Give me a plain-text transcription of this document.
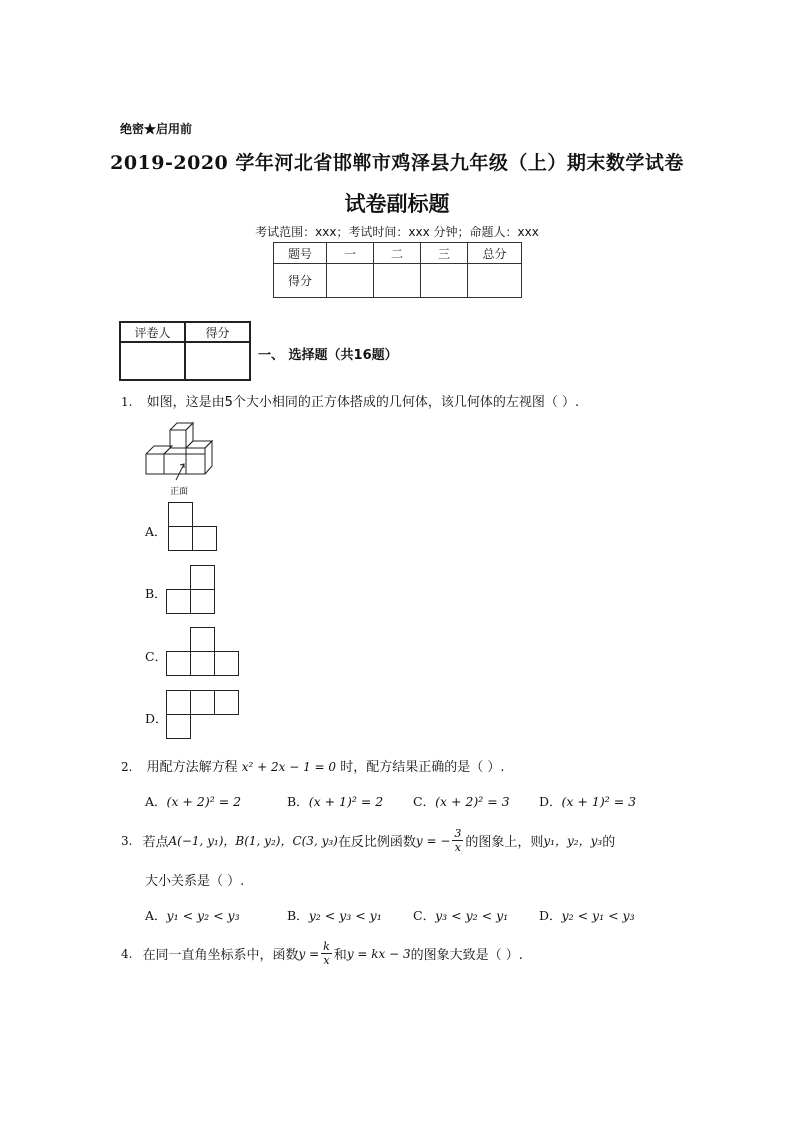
绝密★启用前
2019-2020 学年河北省邯郸市鸡泽县九年级（上）期末数学试卷
试卷副标题
考试范围：xxx；考试时间：xxx 分钟；命题人：xxx
题号	一	二	三	总分
得分				
评卷人	得分

一、 选择题（共16题）
1. 如图，这是由5个大小相同的正方体搭成的几何体，该几何体的左视图（ ）.
正面
A．
B．
C．
D．
2. 用配方法解方程 x² + 2x − 1 = 0 时，配方结果正确的是（ ）.
A．(x + 2)² = 2	B．(x + 1)² = 2 C．(x + 2)² = 3 D．(x + 1)² = 3
3. 若点 A(−1, y₁)，B(1, y₂)，C(3, y₃) 在反比例函数 y = − $\frac{3}{x}$ 的图象上，则 y₁，y₂，y₃ 的
大小关系是（ ）.
A．y₁ < y₂ < y₃	B．y₂ < y₃ < y₁	C．y₃ < y₂ < y₁ D．y₂ < y₁ < y₃
4. 在同一直角坐标系中，函数 $y = \frac{k}{x}$ 和 y = kx − 3 的图象大致是（ ）.
